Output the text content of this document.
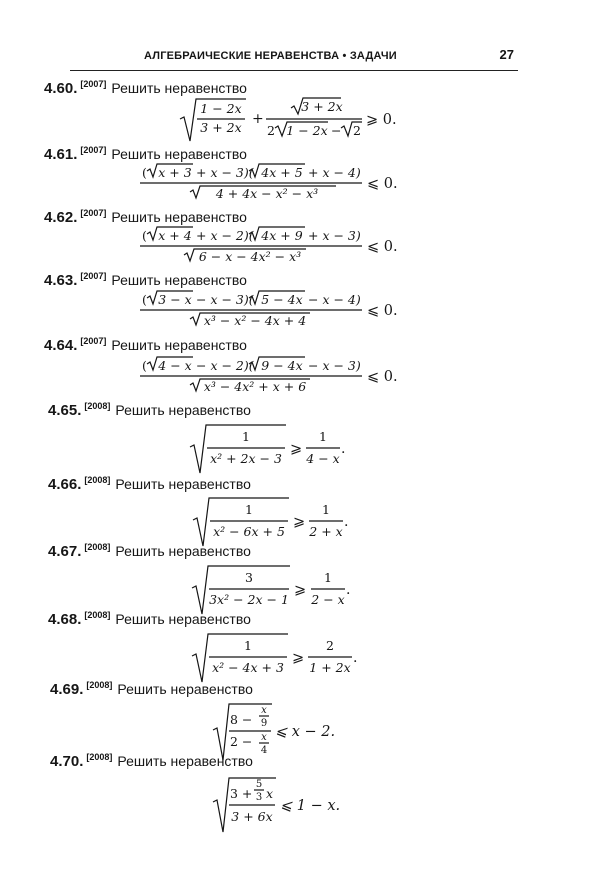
АЛГЕБРАИЧЕСКИЕ НЕРАВЕНСТВА • ЗАДАЧИ	27
4.60. [2007] Решить неравенство
1 − 2x
3 + 2x
+
3 + 2x
2 1 − 2x − 2
⩾ 0.
4.61. [2007] Решить неравенство
( x + 3 + x − 3)( 4x + 5 + x − 4)
4 + 4x − x² − x³
⩽ 0.
4.62. [2007] Решить неравенство
( x + 4 + x − 2)( 4x + 9 + x − 3)
6 − x − 4x² − x³
⩽ 0.
4.63. [2007] Решить неравенство
( 3 − x − x − 3)( 5 − 4x − x − 4)
x³ − x² − 4x + 4
⩽ 0.
4.64. [2007] Решить неравенство
( 4 − x − x − 2)( 9 − 4x − x − 3)
x³ − 4x² + x + 6
⩽ 0.
4.65. [2008] Решить неравенство
1
x² + 2x − 3
⩾
1
4 − x
.
4.66. [2008] Решить неравенство
1
x² − 6x + 5
⩾
1
2 + x
.
4.67. [2008] Решить неравенство
3
3x² − 2x − 1
⩾
1
2 − x
.
4.68. [2008] Решить неравенство
1
x² − 4x + 3
⩾
2
1 + 2x
.
4.69. [2008] Решить неравенство
8 −
x
9
2 − x
4
⩽ x − 2.
4.70. [2008] Решить неравенство
3 +
5
3 x
3 + 6x
⩽ 1 − x.
